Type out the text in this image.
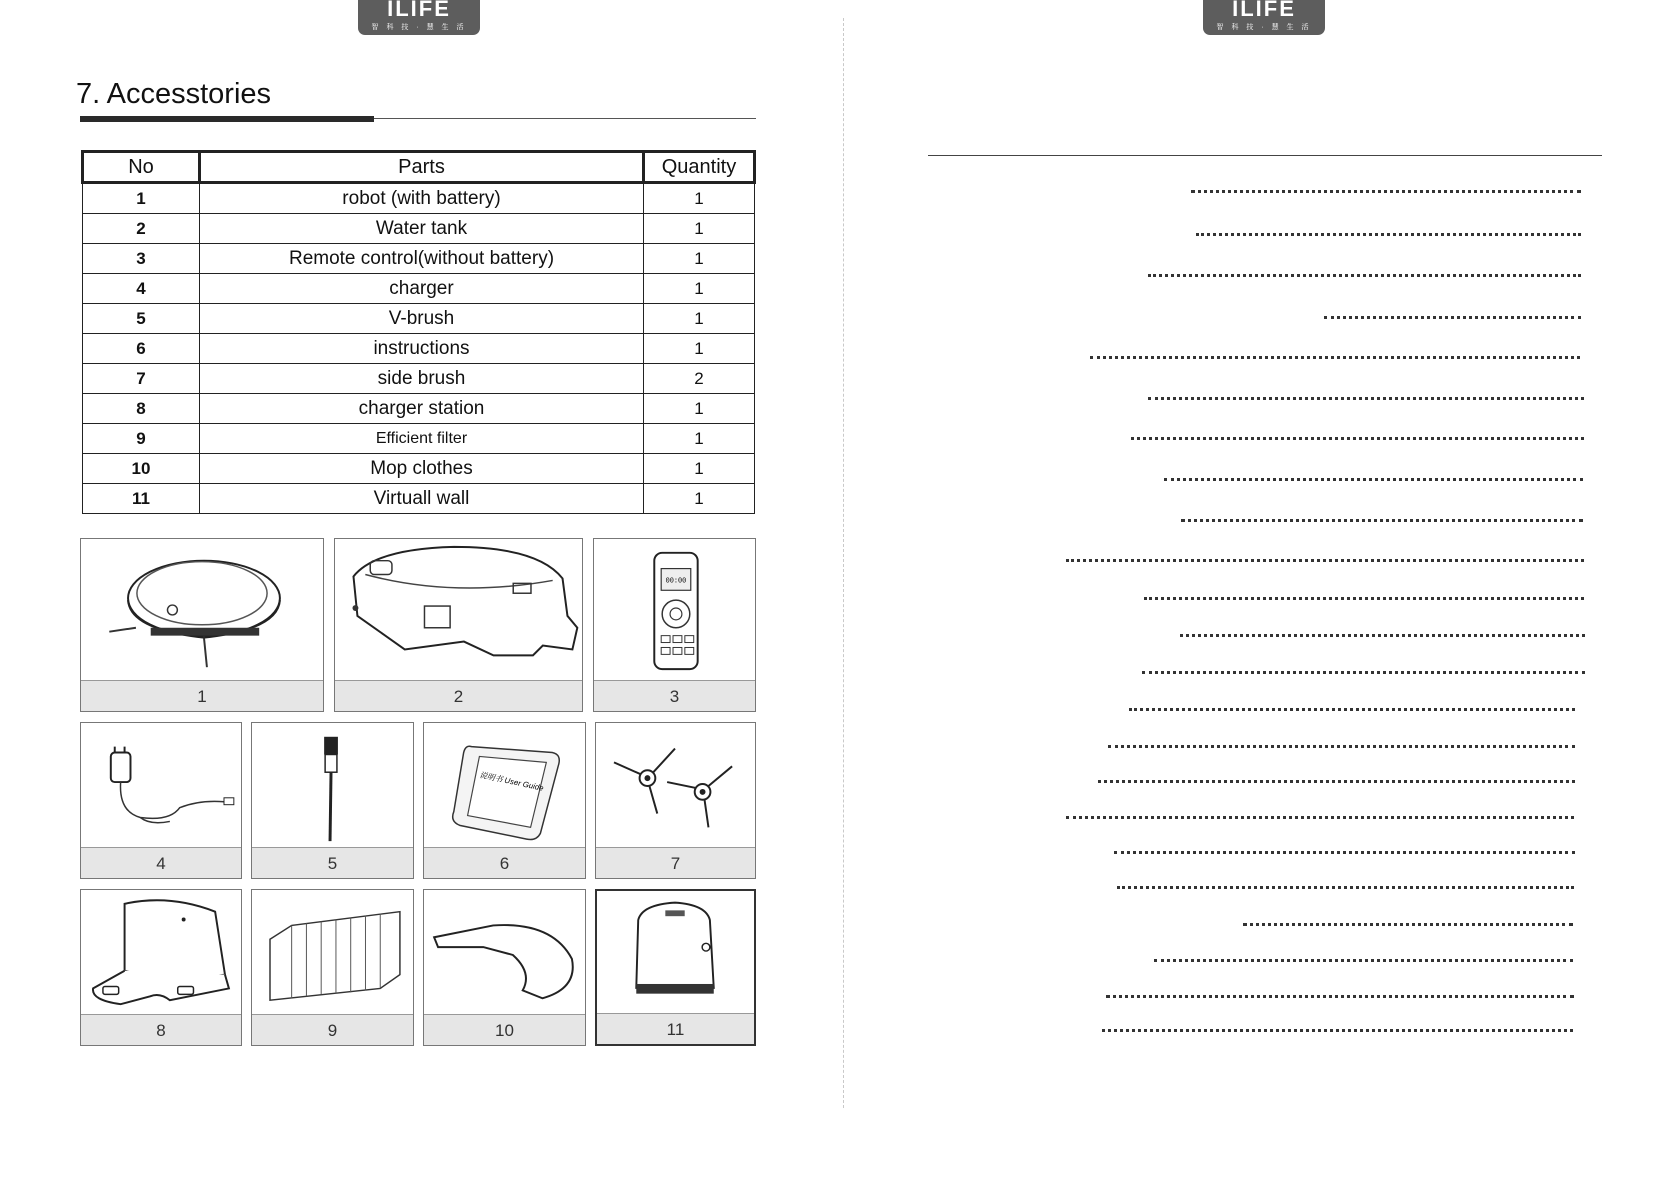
ILIFE
智 科 技 · 慧 生 活
ILIFE
智 科 技 · 慧 生 活
7. Accesstories
No	Parts	Quantity
1	robot (with battery)	1
2	Water tank	1
3	Remote control(without battery)	1
4	charger	1
5	V-brush	1
6	instructions	1
7	side brush	2
8	charger station	1
9	Efficient filter	1
10	Mop clothes	1
11	Virtuall wall	1
1	2
00:00
3
4	5
说明书 User Guide
6	7
8	9	10	11
